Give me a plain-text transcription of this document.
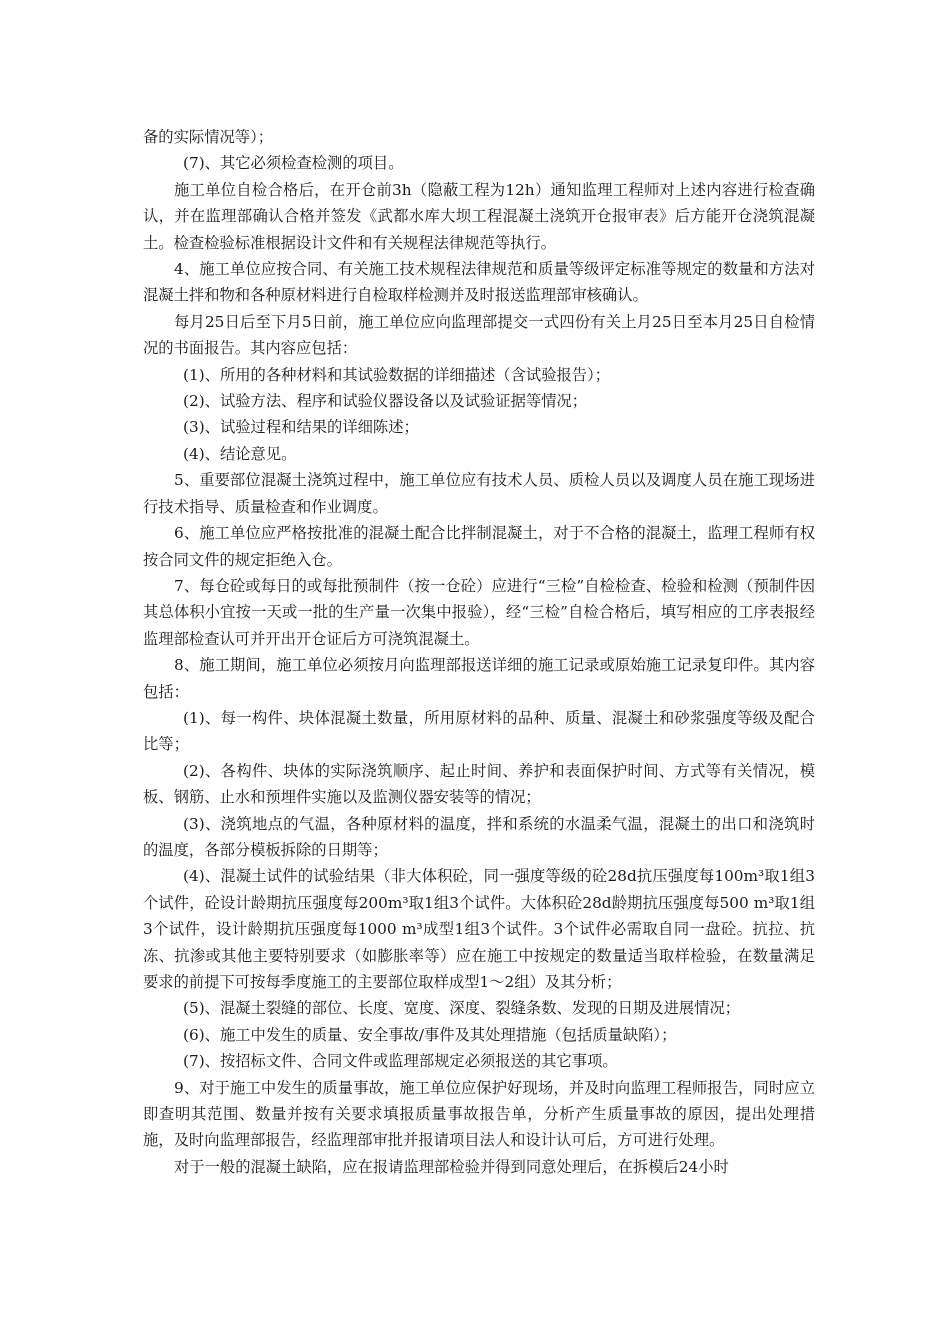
备的实际情况等）；

(7)、其它必须检查检测的项目。

施工单位自检合格后，在开仓前3h（隐蔽工程为12h）通知监理工程师对上述内容进行检查确认，并在监理部确认合格并签发《武都水库大坝工程混凝土浇筑开仓报审表》后方能开仓浇筑混凝土。检查检验标准根据设计文件和有关规程法律规范等执行。

4、施工单位应按合同、有关施工技术规程法律规范和质量等级评定标准等规定的数量和方法对混凝土拌和物和各种原材料进行自检取样检测并及时报送监理部审核确认。

每月25日后至下月5日前，施工单位应向监理部提交一式四份有关上月25日至本月25日自检情况的书面报告。其内容应包括：

(1)、所用的各种材料和其试验数据的详细描述（含试验报告）；

(2)、试验方法、程序和试验仪器设备以及试验证据等情况；

(3)、试验过程和结果的详细陈述；

(4)、结论意见。

5、重要部位混凝土浇筑过程中，施工单位应有技术人员、质检人员以及调度人员在施工现场进行技术指导、质量检查和作业调度。

6、施工单位应严格按批准的混凝土配合比拌制混凝土，对于不合格的混凝土，监理工程师有权按合同文件的规定拒绝入仓。

7、每仓砼或每日的或每批预制件（按一仓砼）应进行“三检”自检检查、检验和检测（预制件因其总体积小宜按一天或一批的生产量一次集中报验），经“三检”自检合格后，填写相应的工序表报经监理部检查认可并开出开仓证后方可浇筑混凝土。

8、施工期间，施工单位必须按月向监理部报送详细的施工记录或原始施工记录复印件。其内容包括：

(1)、每一构件、块体混凝土数量，所用原材料的品种、质量、混凝土和砂浆强度等级及配合比等；

(2)、各构件、块体的实际浇筑顺序、起止时间、养护和表面保护时间、方式等有关情况，模板、钢筋、止水和预埋件实施以及监测仪器安装等的情况；

(3)、浇筑地点的气温，各种原材料的温度，拌和系统的水温柔气温，混凝土的出口和浇筑时的温度，各部分模板拆除的日期等；

(4)、混凝土试件的试验结果（非大体积砼，同一强度等级的砼28d抗压强度每100m³取1组3个试件，砼设计龄期抗压强度每200m³取1组3个试件。大体积砼28d龄期抗压强度每500 m³取1组3个试件，设计龄期抗压强度每1000 m³成型1组3个试件。3个试件必需取自同一盘砼。抗拉、抗冻、抗渗或其他主要特别要求（如膨胀率等）应在施工中按规定的数量适当取样检验，在数量满足要求的前提下可按每季度施工的主要部位取样成型1～2组）及其分析；

(5)、混凝土裂缝的部位、长度、宽度、深度、裂缝条数、发现的日期及进展情况；

(6)、施工中发生的质量、安全事故/事件及其处理措施（包括质量缺陷）；

(7)、按招标文件、合同文件或监理部规定必须报送的其它事项。

9、对于施工中发生的质量事故，施工单位应保护好现场，并及时向监理工程师报告，同时应立即查明其范围、数量并按有关要求填报质量事故报告单，分析产生质量事故的原因，提出处理措施，及时向监理部报告，经监理部审批并报请项目法人和设计认可后，方可进行处理。

对于一般的混凝土缺陷，应在报请监理部检验并得到同意处理后，在拆模后24小时
